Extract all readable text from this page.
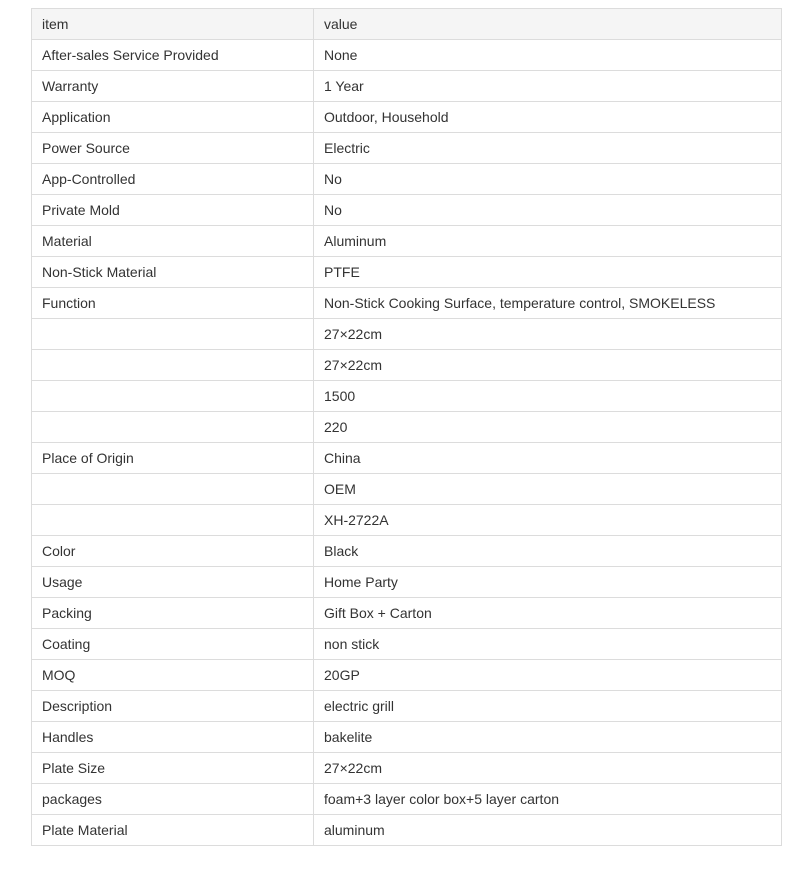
item	value
After-sales Service Provided	None
Warranty	1 Year
Application	Outdoor, Household
Power Source	Electric
App-Controlled	No
Private Mold	No
Material	Aluminum
Non-Stick Material	PTFE
Function	Non-Stick Cooking Surface, temperature control, SMOKELESS
	27×22cm
	27×22cm
	1500
	220
Place of Origin	China
	OEM
	XH-2722A
Color	Black
Usage	Home Party
Packing	Gift Box + Carton
Coating	non stick
MOQ	20GP
Description	electric grill
Handles	bakelite
Plate Size	27×22cm
packages	foam+3 layer color box+5 layer carton
Plate Material	aluminum
